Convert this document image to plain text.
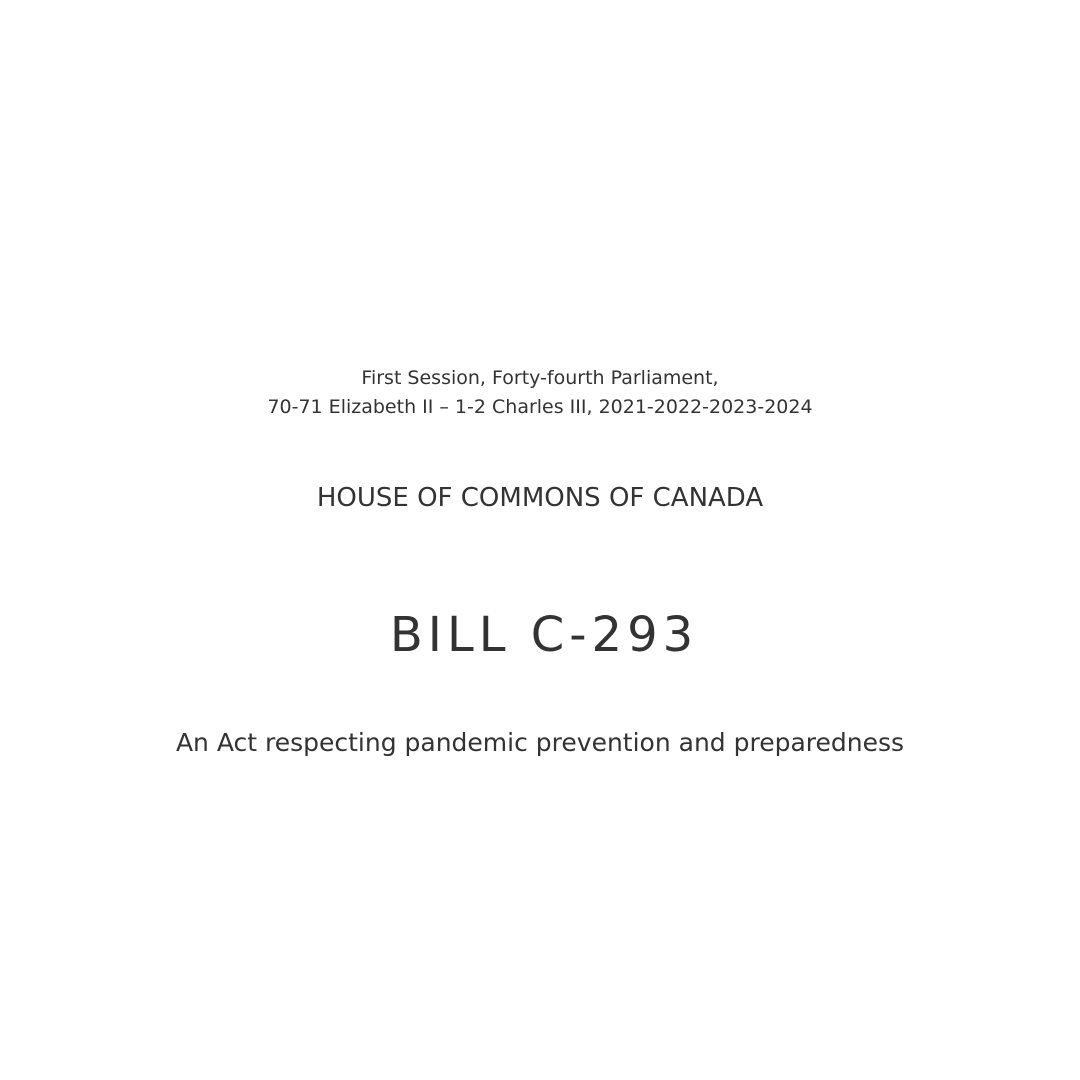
First Session, Forty-fourth Parliament,
70-71 Elizabeth II – 1-2 Charles III, 2021-2022-2023-2024
HOUSE OF COMMONS OF CANADA
BILL C-293
An Act respecting pandemic prevention and preparedness
